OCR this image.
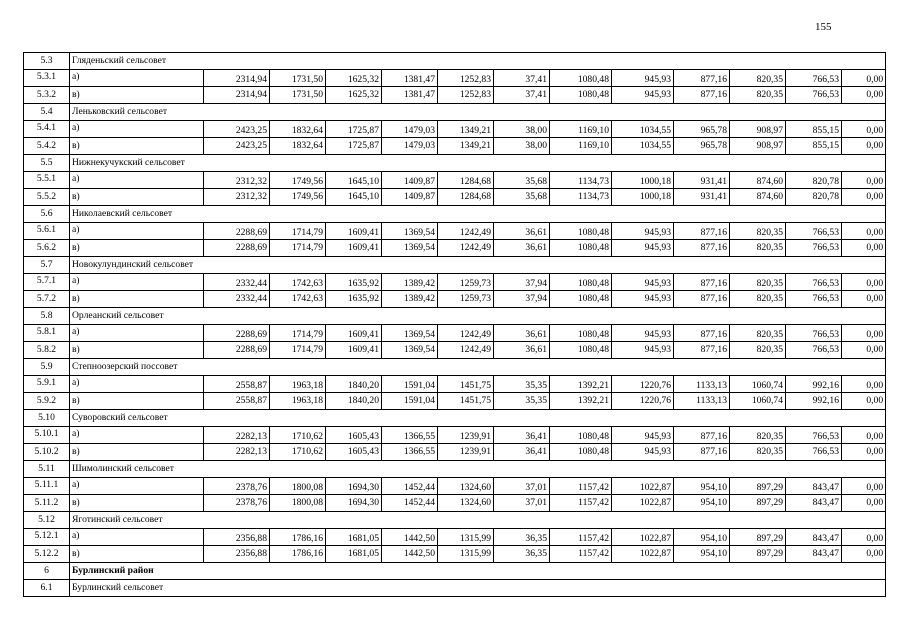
155
5.3	Гляденьский сельсовет												
5.3.1	а)	2314,94	1731,50	1625,32	1381,47	1252,83	37,41	1080,48	945,93	877,16	820,35	766,53	0,00
5.3.2	в)	2314,94	1731,50	1625,32	1381,47	1252,83	37,41	1080,48	945,93	877,16	820,35	766,53	0,00
5.4	Леньковский сельсовет												
5.4.1	а)	2423,25	1832,64	1725,87	1479,03	1349,21	38,00	1169,10	1034,55	965,78	908,97	855,15	0,00
5.4.2	в)	2423,25	1832,64	1725,87	1479,03	1349,21	38,00	1169,10	1034,55	965,78	908,97	855,15	0,00
5.5	Нижнекучукский сельсовет												
5.5.1	а)	2312,32	1749,56	1645,10	1409,87	1284,68	35,68	1134,73	1000,18	931,41	874,60	820,78	0,00
5.5.2	в)	2312,32	1749,56	1645,10	1409,87	1284,68	35,68	1134,73	1000,18	931,41	874,60	820,78	0,00
5.6	Николаевский сельсовет												
5.6.1	а)	2288,69	1714,79	1609,41	1369,54	1242,49	36,61	1080,48	945,93	877,16	820,35	766,53	0,00
5.6.2	в)	2288,69	1714,79	1609,41	1369,54	1242,49	36,61	1080,48	945,93	877,16	820,35	766,53	0,00
5.7	Новокулундинский сельсовет												
5.7.1	а)	2332,44	1742,63	1635,92	1389,42	1259,73	37,94	1080,48	945,93	877,16	820,35	766,53	0,00
5.7.2	в)	2332,44	1742,63	1635,92	1389,42	1259,73	37,94	1080,48	945,93	877,16	820,35	766,53	0,00
5.8	Орлеанский сельсовет												
5.8.1	а)	2288,69	1714,79	1609,41	1369,54	1242,49	36,61	1080,48	945,93	877,16	820,35	766,53	0,00
5.8.2	в)	2288,69	1714,79	1609,41	1369,54	1242,49	36,61	1080,48	945,93	877,16	820,35	766,53	0,00
5.9	Степноозерский поссовет												
5.9.1	а)	2558,87	1963,18	1840,20	1591,04	1451,75	35,35	1392,21	1220,76	1133,13	1060,74	992,16	0,00
5.9.2	в)	2558,87	1963,18	1840,20	1591,04	1451,75	35,35	1392,21	1220,76	1133,13	1060,74	992,16	0,00
5.10	Суворовский сельсовет												
5.10.1	а)	2282,13	1710,62	1605,43	1366,55	1239,91	36,41	1080,48	945,93	877,16	820,35	766,53	0,00
5.10.2	в)	2282,13	1710,62	1605,43	1366,55	1239,91	36,41	1080,48	945,93	877,16	820,35	766,53	0,00
5.11	Шимолинский сельсовет												
5.11.1	а)	2378,76	1800,08	1694,30	1452,44	1324,60	37,01	1157,42	1022,87	954,10	897,29	843,47	0,00
5.11.2	в)	2378,76	1800,08	1694,30	1452,44	1324,60	37,01	1157,42	1022,87	954,10	897,29	843,47	0,00
5.12	Яготинский сельсовет												
5.12.1	а)	2356,88	1786,16	1681,05	1442,50	1315,99	36,35	1157,42	1022,87	954,10	897,29	843,47	0,00
5.12.2	в)	2356,88	1786,16	1681,05	1442,50	1315,99	36,35	1157,42	1022,87	954,10	897,29	843,47	0,00
6	Бурлинский район												
6.1	Бурлинский сельсовет												
